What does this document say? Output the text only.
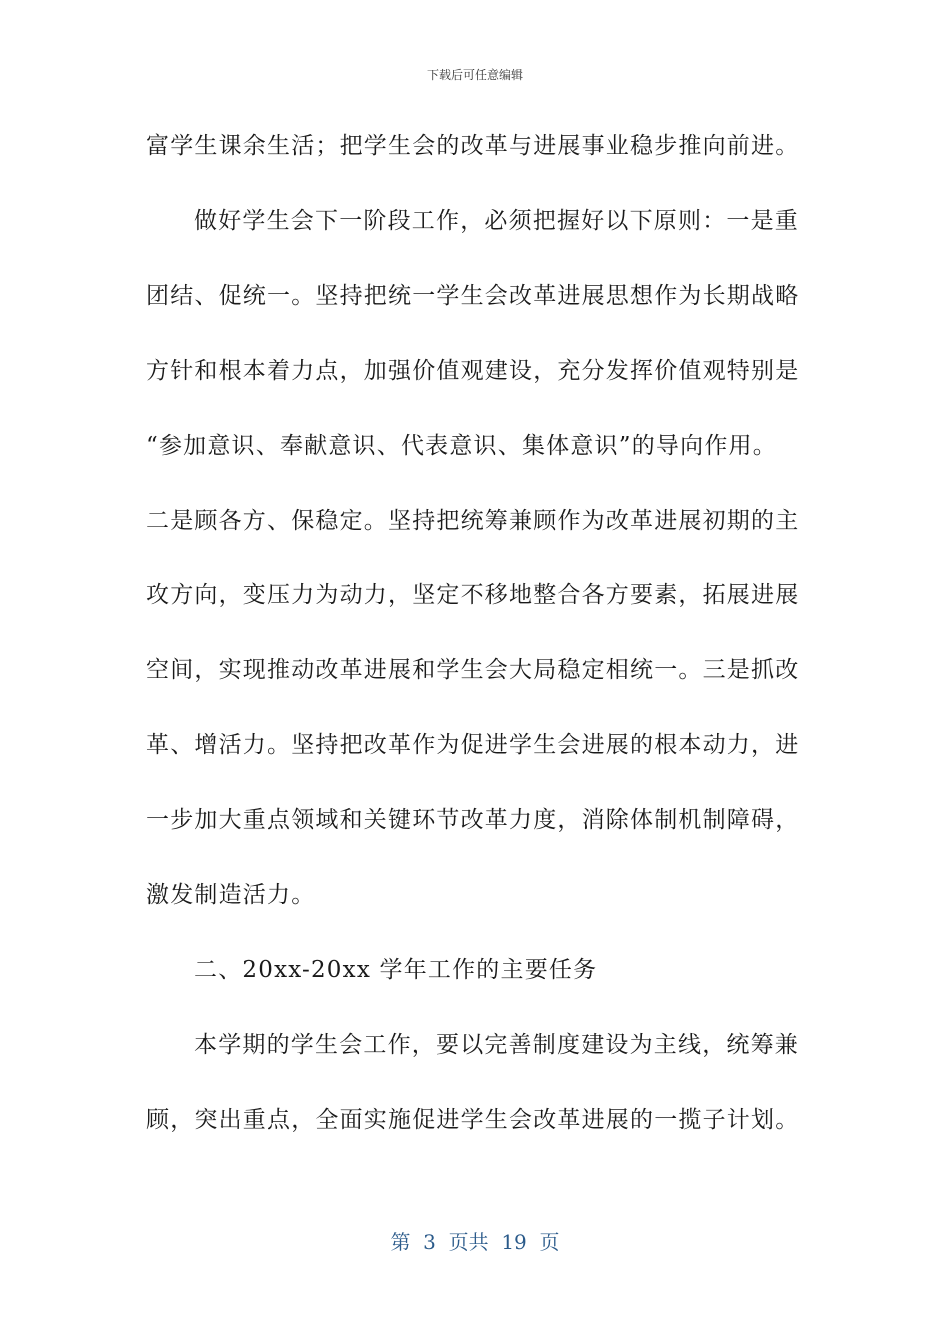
下载后可任意编辑
富学生课余生活；把学生会的改革与进展事业稳步推向前进。
做好学生会下一阶段工作，必须把握好以下原则：一是重
团结、促统一。坚持把统一学生会改革进展思想作为长期战略
方针和根本着力点，加强价值观建设，充分发挥价值观特别是
“参加意识、奉献意识、代表意识、集体意识”的导向作用。
二是顾各方、保稳定。坚持把统筹兼顾作为改革进展初期的主
攻方向，变压力为动力，坚定不移地整合各方要素，拓展进展
空间，实现推动改革进展和学生会大局稳定相统一。三是抓改
革、增活力。坚持把改革作为促进学生会进展的根本动力，进
一步加大重点领域和关键环节改革力度，消除体制机制障碍，
激发制造活力。
二、20xx-20xx 学年工作的主要任务
本学期的学生会工作，要以完善制度建设为主线，统筹兼
顾，突出重点，全面实施促进学生会改革进展的一揽子计划。
第  3  页共  19  页
